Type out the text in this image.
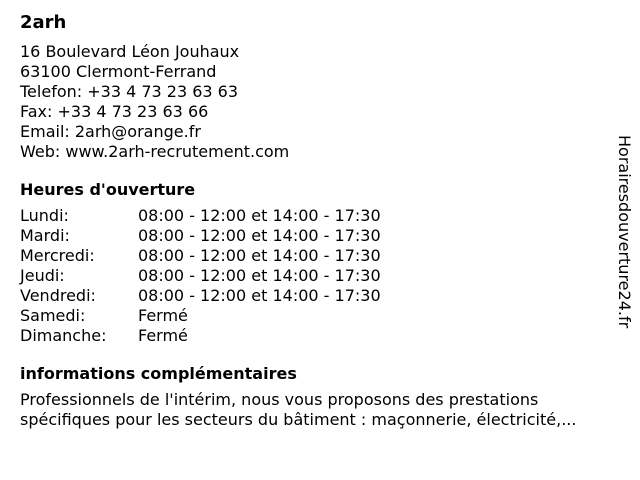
2arh
16 Boulevard Léon Jouhaux
63100 Clermont-Ferrand
Telefon: +33 4 73 23 63 63
Fax: +33 4 73 23 63 66
Email: 2arh@orange.fr
Web: www.2arh-recrutement.com
Heures d'ouverture
Lundi:	08:00 - 12:00 et 14:00 - 17:30
Mardi:	08:00 - 12:00 et 14:00 - 17:30
Mercredi:	08:00 - 12:00 et 14:00 - 17:30
Jeudi:	08:00 - 12:00 et 14:00 - 17:30
Vendredi:	08:00 - 12:00 et 14:00 - 17:30
Samedi:	Fermé
Dimanche:	Fermé
informations complémentaires
Professionnels de l'intérim, nous vous proposons des prestations
spécifiques pour les secteurs du bâtiment : maçonnerie, électricité,...
Horairesdouverture24.fr
